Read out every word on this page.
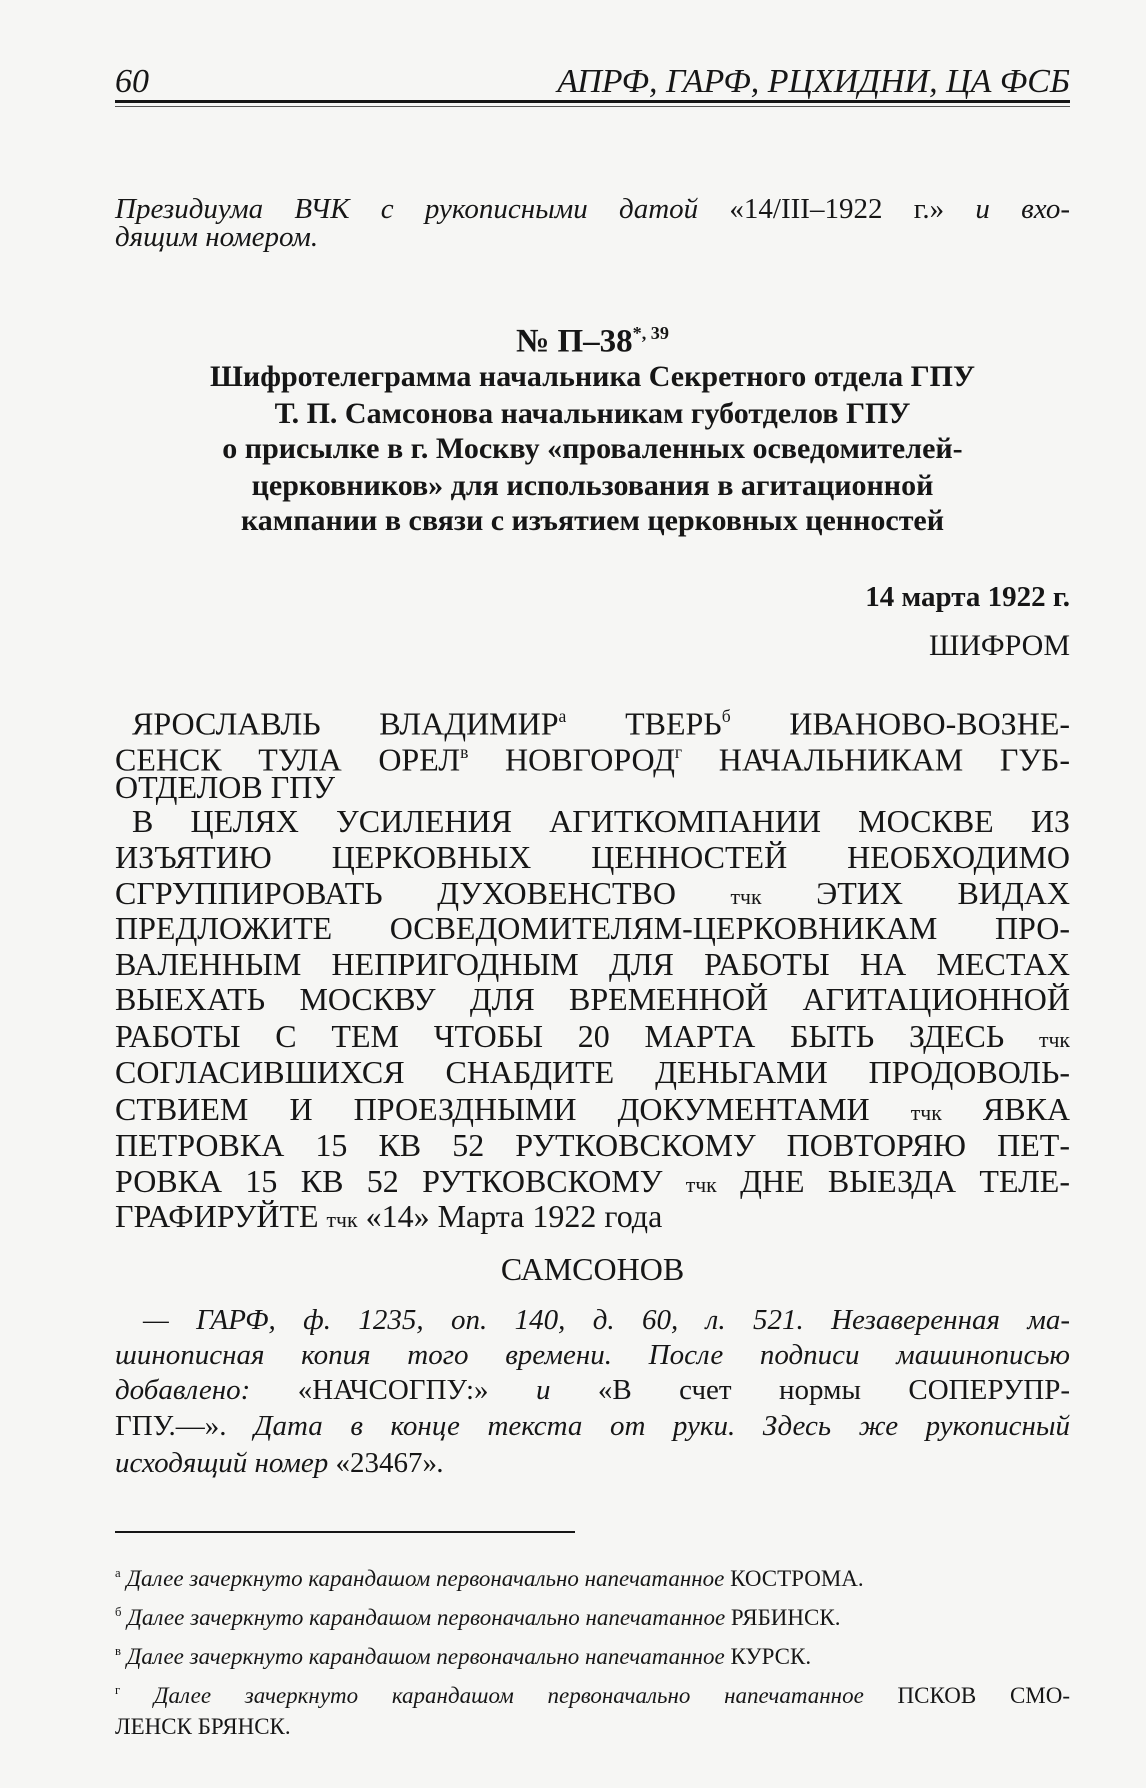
60	АПРФ, ГАРФ, РЦХИДНИ, ЦА ФСБ
Президиума ВЧК с рукописными датой «14/III–1922 г.» и вхо-
дящим номером.
№ $П-38^{*, 39}$
Шифротелеграмма начальника Секретного отдела ГПУ
Т. П. Самсонова начальникам губотделов ГПУ
о присылке в г. Москву «проваленных осведомителей-
церковников» для использования в агитационной
кампании в связи с изъятием церковных ценностей
14 марта 1922 г.
ШИФРОМ
ЯРОСЛАВЛЬ $ВЛАДИМИР^а$ $ТВЕРЬ^б$ ИВАНОВО-ВОЗНЕ-
СЕНСК ТУЛА $ОРЕЛ^в$ $НОВГОРОД^г$ НАЧАЛЬНИКАМ ГУБ-
ОТДЕЛОВ ГПУ
В ЦЕЛЯХ УСИЛЕНИЯ АГИТКОМПАНИИ МОСКВЕ ИЗ
ИЗЪЯТИЮ ЦЕРКОВНЫХ ЦЕННОСТЕЙ НЕОБХОДИМО
СГРУППИРОВАТЬ ДУХОВЕНСТВО тчк ЭТИХ ВИДАХ
ПРЕДЛОЖИТЕ ОСВЕДОМИТЕЛЯМ-ЦЕРКОВНИКАМ ПРО-
ВАЛЕННЫМ НЕПРИГОДНЫМ ДЛЯ РАБОТЫ НА МЕСТАХ
ВЫЕХАТЬ МОСКВУ ДЛЯ ВРЕМЕННОЙ АГИТАЦИОННОЙ
РАБОТЫ С ТЕМ ЧТОБЫ 20 МАРТА БЫТЬ ЗДЕСЬ тчк
СОГЛАСИВШИХСЯ СНАБДИТЕ ДЕНЬГАМИ ПРОДОВОЛЬ-
СТВИЕМ И ПРОЕЗДНЫМИ ДОКУМЕНТАМИ тчк ЯВКА
ПЕТРОВКА 15 КВ 52 РУТКОВСКОМУ ПОВТОРЯЮ ПЕТ-
РОВКА 15 КВ 52 РУТКОВСКОМУ тчк ДНЕ ВЫЕЗДА ТЕЛЕ-
ГРАФИРУЙТЕ тчк «14» Марта 1922 года
САМСОНОВ
— ГАРФ, ф. 1235, оп. 140, д. 60, л. 521. Незаверенная ма-
шинописная копия того времени. После подписи машинописью
добавлено: «НАЧСОГПУ:» и «В счет нормы СОПЕРУПР-
ГПУ.—». Дата в конце текста от руки. Здесь же рукописный
исходящий номер «23467».
$^а$ Далее зачеркнуто карандашом первоначально напечатанное КОСТРОМА.
$^б$ Далее зачеркнуто карандашом первоначально напечатанное РЯБИНСК.
$^в$ Далее зачеркнуто карандашом первоначально напечатанное КУРСК.
$^г$ Далее зачеркнуто карандашом первоначально напечатанное ПСКОВ СМО-
ЛЕНСК БРЯНСК.
